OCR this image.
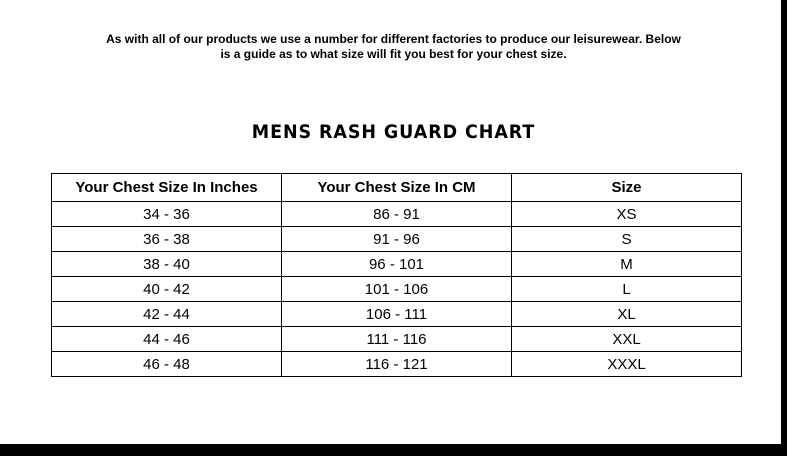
As with all of our products we use a number for different factories to produce our leisurewear. Below
is a guide as to what size will fit you best for your chest size.
MENS RASH GUARD CHART
Your Chest Size In Inches	Your Chest Size In CM	Size
34 - 36	86 - 91	XS
36 - 38	91 - 96	S
38 - 40	96 - 101	M
40 - 42	101 - 106	L
42 - 44	106 - 111	XL
44 - 46	111 - 116	XXL
46 - 48	116 - 121	XXXL
